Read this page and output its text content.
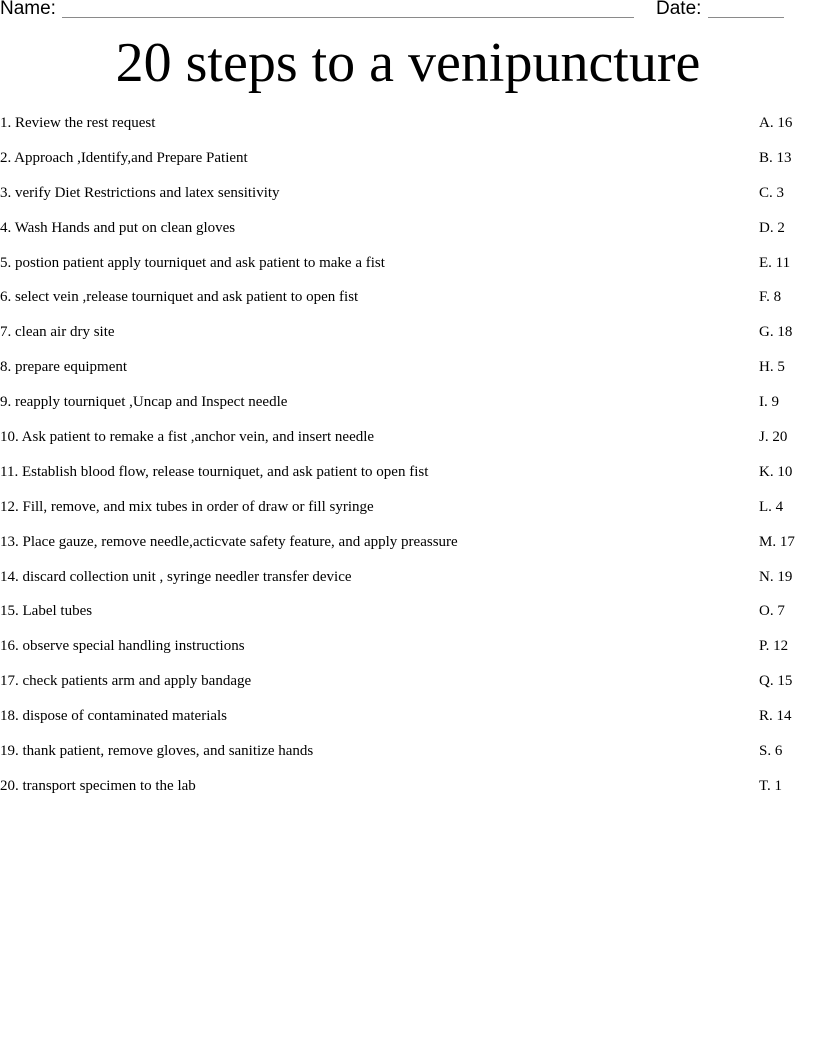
Name:	Date:
20 steps to a venipuncture
1. Review the rest request	A. 16
2. Approach ,Identify,and Prepare Patient	B. 13
3. verify Diet Restrictions and latex sensitivity	C. 3
4. Wash Hands and put on clean gloves	D. 2
5. postion patient apply tourniquet and ask patient to make a fist	E. 11
6. select vein ,release tourniquet and ask patient to open fist	F. 8
7. clean air dry site	G. 18
8. prepare equipment	H. 5
9. reapply tourniquet ,Uncap and Inspect needle	I. 9
10. Ask patient to remake a fist ,anchor vein, and insert needle	J. 20
11. Establish blood flow, release tourniquet, and ask patient to open fist	K. 10
12. Fill, remove, and mix tubes in order of draw or fill syringe	L. 4
13. Place gauze, remove needle,acticvate safety feature, and apply preassure	M. 17
14. discard collection unit , syringe needler transfer device	N. 19
15. Label tubes	O. 7
16. observe special handling instructions	P. 12
17. check patients arm and apply bandage	Q. 15
18. dispose of contaminated materials	R. 14
19. thank patient, remove gloves, and sanitize hands	S. 6
20. transport specimen to the lab	T. 1
